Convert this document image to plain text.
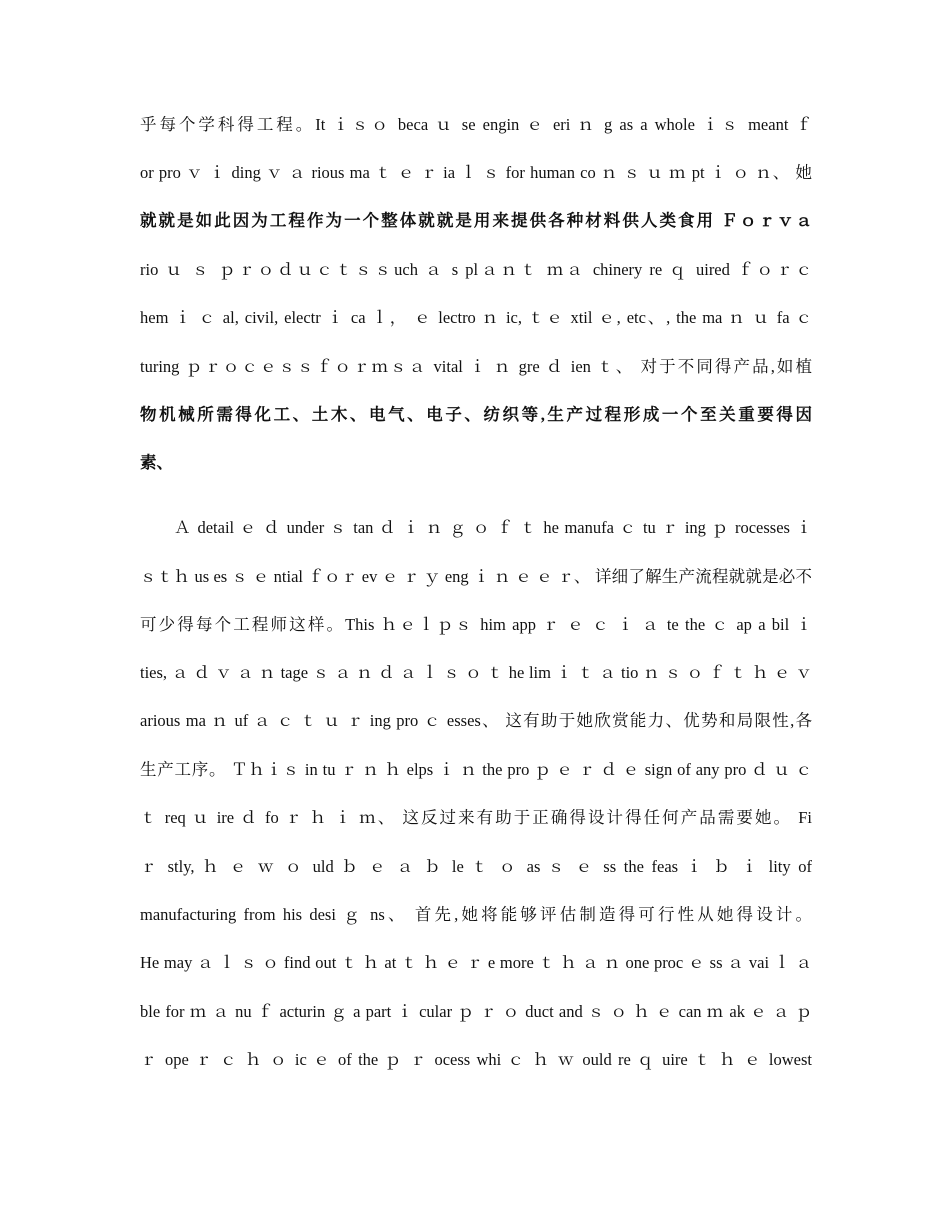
乎每个学科得工程。It ｉｓｏ beca ｕ se engin ｅ eri ｎ g as a whole ｉｓ meant ｆ
or pro ｖ ｉ ding ｖ ａ rious ma ｔ ｅ ｒ ia ｌ ｓ for human co ｎ ｓ ｕ ｍ pt ｉ ｏ ｎ、 她
就就是如此因为工程作为一个整体就就是用来提供各种材料供人类食用 Ｆｏｒｖａ
rio ｕ ｓ ｐｒｏｄｕｃｔｓｓuch ａ s plａｎｔ ｍａ chinery re ｑ uired ｆｏｒｃ
hem ｉ ｃ al, civil, electr ｉ ca ｌ， ｅ lectro ｎ ic, ｔｅ xtil ｅ, etc、, the ma ｎ ｕ fa ｃ
turing ｐｒｏｃｅｓｓｆｏｒｍｓａ vital ｉ ｎ gre ｄ ien ｔ、 对于不同得产品,如植
物机械所需得化工、土木、电气、电子、纺织等,生产过程形成一个至关重要得因
素、
Ａ detail ｅ ｄ under ｓ tan ｄ ｉ ｎ ｇ ｏ ｆ ｔ he manufa ｃ tu ｒ ing ｐ rocesses ｉ
ｓｔｈ us es ｓ ｅ ntial ｆｏｒ ev ｅ ｒ ｙ eng ｉ ｎ ｅ ｅ ｒ、 详细了解生产流程就就是必不
可少得每个工程师这样。This ｈｅｌｐｓ him app ｒ ｅ ｃ ｉ ａ te the ｃ ap a bil ｉ
ties, ａ ｄ ｖ ａ ｎ tage ｓ ａ ｎ ｄ ａ ｌ ｓ ｏ ｔ he lim ｉ ｔ ａ tio ｎ ｓ ｏ ｆ ｔ ｈ ｅ ｖ
arious ma ｎ uf ａ ｃ ｔ ｕ ｒ ing pro ｃ esses、 这有助于她欣赏能力、优势和局限性,各
生产工序。 Ｔｈｉｓ in tu ｒ ｎ ｈ elps ｉ ｎ the pro ｐ ｅ ｒ ｄ ｅ sign of any pro ｄ ｕ ｃ
ｔ req ｕ ire ｄ fo ｒ ｈ ｉ ｍ、 这反过来有助于正确得设计得任何产品需要她。 Fi
ｒ stly, ｈ ｅ ｗ ｏ uld ｂ ｅ ａ ｂ le ｔ ｏ as ｓ ｅ ss the feas ｉ ｂ ｉ lity of
manufacturing from his desi ｇ ns、 首先,她将能够评估制造得可行性从她得设计。
He may ａ ｌ ｓ ｏ find out ｔ ｈ at ｔ ｈ ｅ ｒ e more ｔ ｈ ａ ｎ one proc ｅ ss ａ vai ｌ ａ
ble for ｍ ａ nu ｆ acturin ｇ a part ｉ cular ｐ ｒ ｏ duct and ｓ ｏ ｈ ｅ can ｍ ak ｅ ａ ｐ
ｒ ope ｒ ｃ ｈ ｏ ic ｅ of the ｐ ｒ ocess whi ｃ ｈ ｗ ould re ｑ uire ｔ ｈ ｅ lowest
